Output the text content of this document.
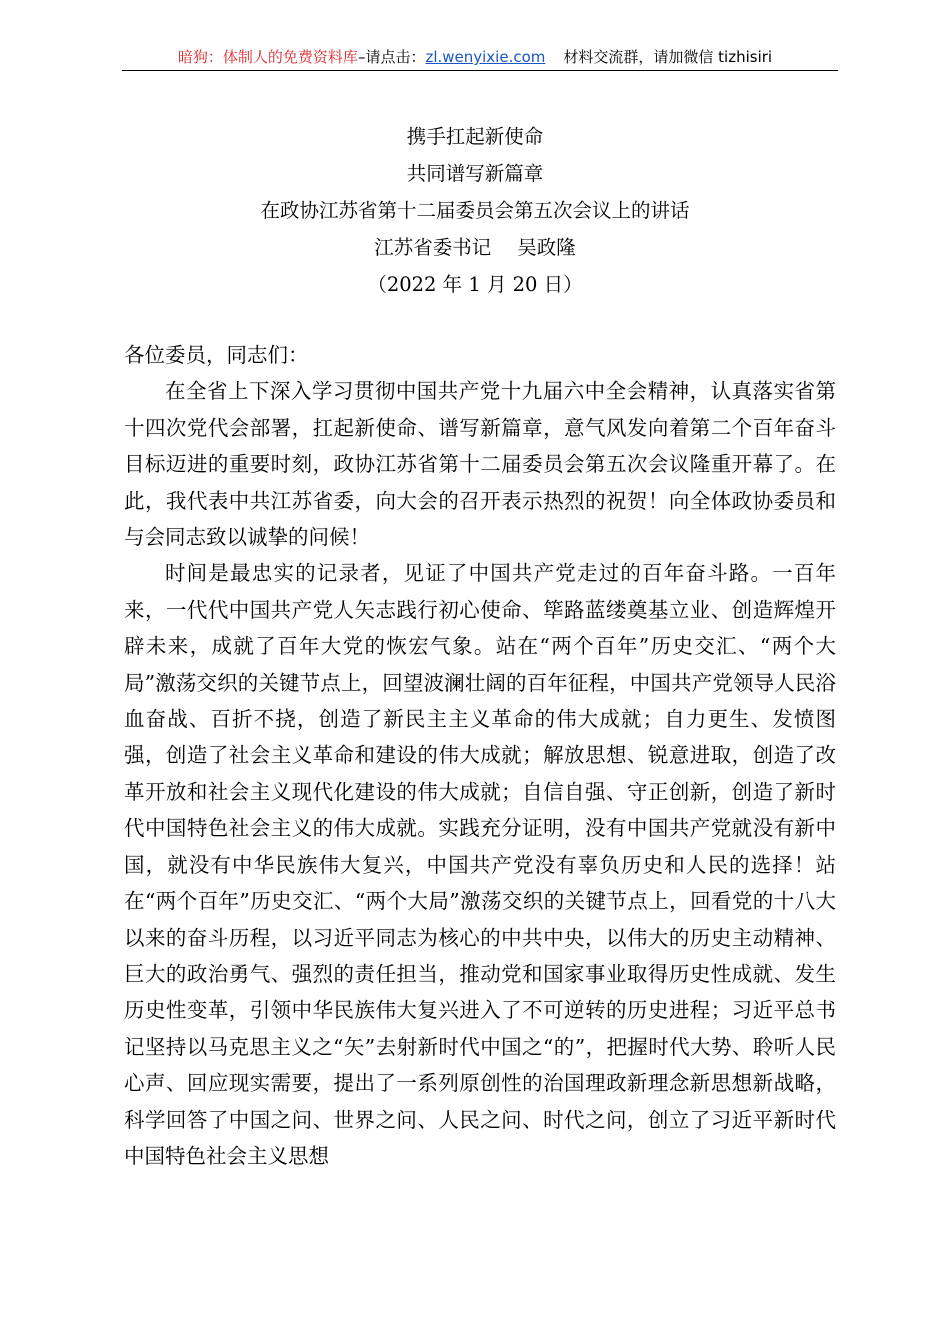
暗狗：体制人的免费资料库–请点击：zl.wenyixie.com 材料交流群，请加微信 tizhisiri
携手扛起新使命
共同谱写新篇章
在政协江苏省第十二届委员会第五次会议上的讲话
江苏省委书记 吴政隆
（2022 年 1 月 20 日）

各位委员，同志们：

在全省上下深入学习贯彻中国共产党十九届六中全会精神，认真落实省第十四次党代会部署，扛起新使命、谱写新篇章，意气风发向着第二个百年奋斗目标迈进的重要时刻，政协江苏省第十二届委员会第五次会议隆重开幕了。在此，我代表中共江苏省委，向大会的召开表示热烈的祝贺！向全体政协委员和与会同志致以诚挚的问候！

时间是最忠实的记录者，见证了中国共产党走过的百年奋斗路。一百年来，一代代中国共产党人矢志践行初心使命、筚路蓝缕奠基立业、创造辉煌开辟未来，成就了百年大党的恢宏气象。站在“两个百年”历史交汇、“两个大局”激荡交织的关键节点上，回望波澜壮阔的百年征程，中国共产党领导人民浴血奋战、百折不挠，创造了新民主主义革命的伟大成就；自力更生、发愤图强，创造了社会主义革命和建设的伟大成就；解放思想、锐意进取，创造了改革开放和社会主义现代化建设的伟大成就；自信自强、守正创新，创造了新时代中国特色社会主义的伟大成就。实践充分证明，没有中国共产党就没有新中国，就没有中华民族伟大复兴，中国共产党没有辜负历史和人民的选择！站在“两个百年”历史交汇、“两个大局”激荡交织的关键节点上，回看党的十八大以来的奋斗历程，以习近平同志为核心的中共中央，以伟大的历史主动精神、巨大的政治勇气、强烈的责任担当，推动党和国家事业取得历史性成就、发生历史性变革，引领中华民族伟大复兴进入了不可逆转的历史进程；习近平总书记坚持以马克思主义之“矢”去射新时代中国之“的”，把握时代大势、聆听人民心声、回应现实需要，提出了一系列原创性的治国理政新理念新思想新战略，科学回答了中国之问、世界之问、人民之问、时代之问，创立了习近平新时代中国特色社会主义思想
